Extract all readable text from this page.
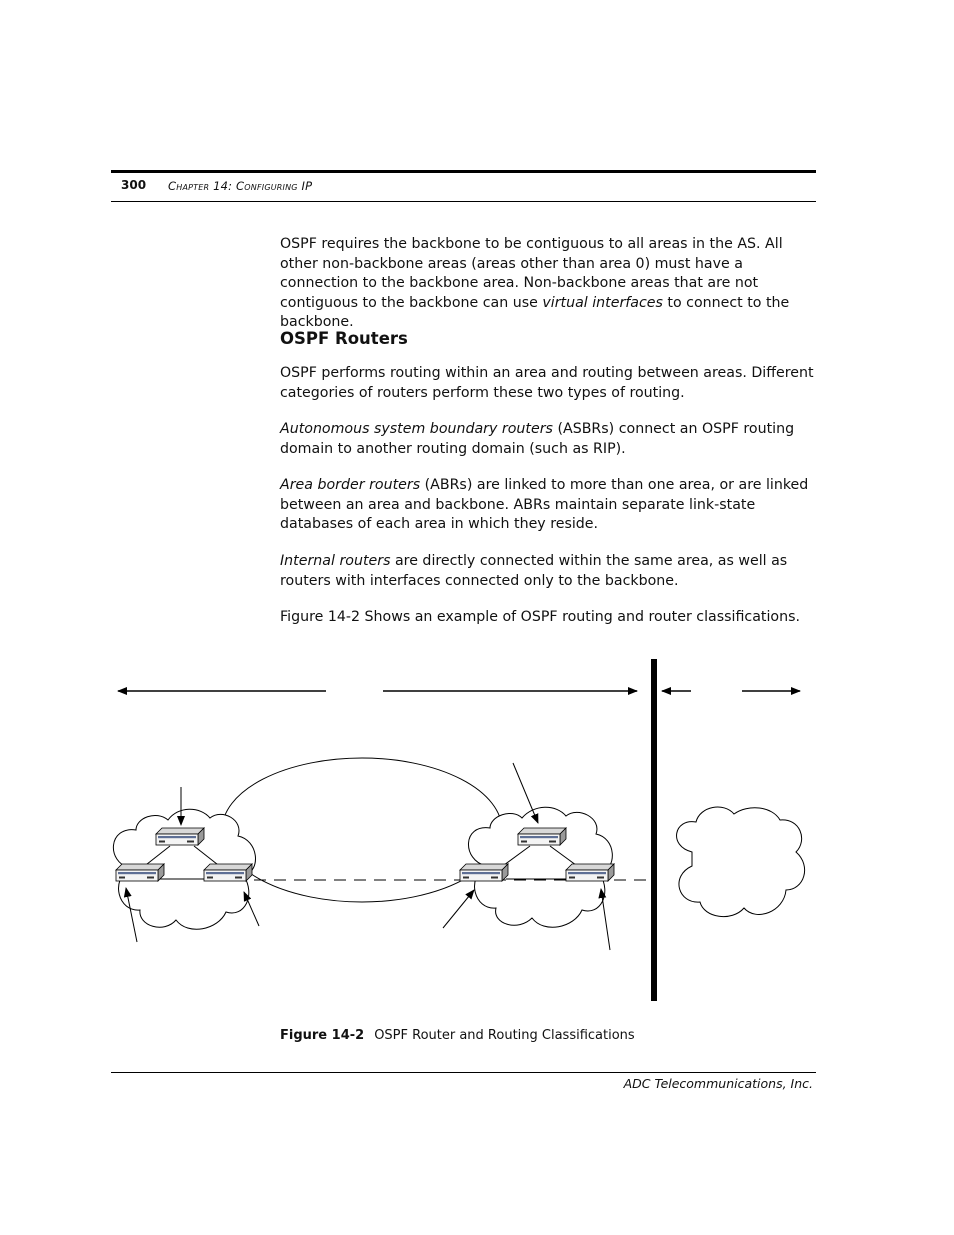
300 Chapter 14: Configuring IP
OSPF requires the backbone to be contiguous to all areas in the AS. All other non-backbone areas (areas other than area 0) must have a connection to the backbone area. Non-backbone areas that are not contiguous to the backbone can use virtual interfaces to connect to the backbone.
OSPF Routers
OSPF performs routing within an area and routing between areas. Different categories of routers perform these two types of routing.
Autonomous system boundary routers (ASBRs) connect an OSPF routing domain to another routing domain (such as RIP).
Area border routers (ABRs) are linked to more than one area, or are linked between an area and backbone. ABRs maintain separate link-state databases of each area in which they reside.
Internal routers are directly connected within the same area, as well as routers with interfaces connected only to the backbone.
Figure 14-2 Shows an example of OSPF routing and router classifications.
Figure 14-2 OSPF Router and Routing Classifications
ADC Telecommunications, Inc.
